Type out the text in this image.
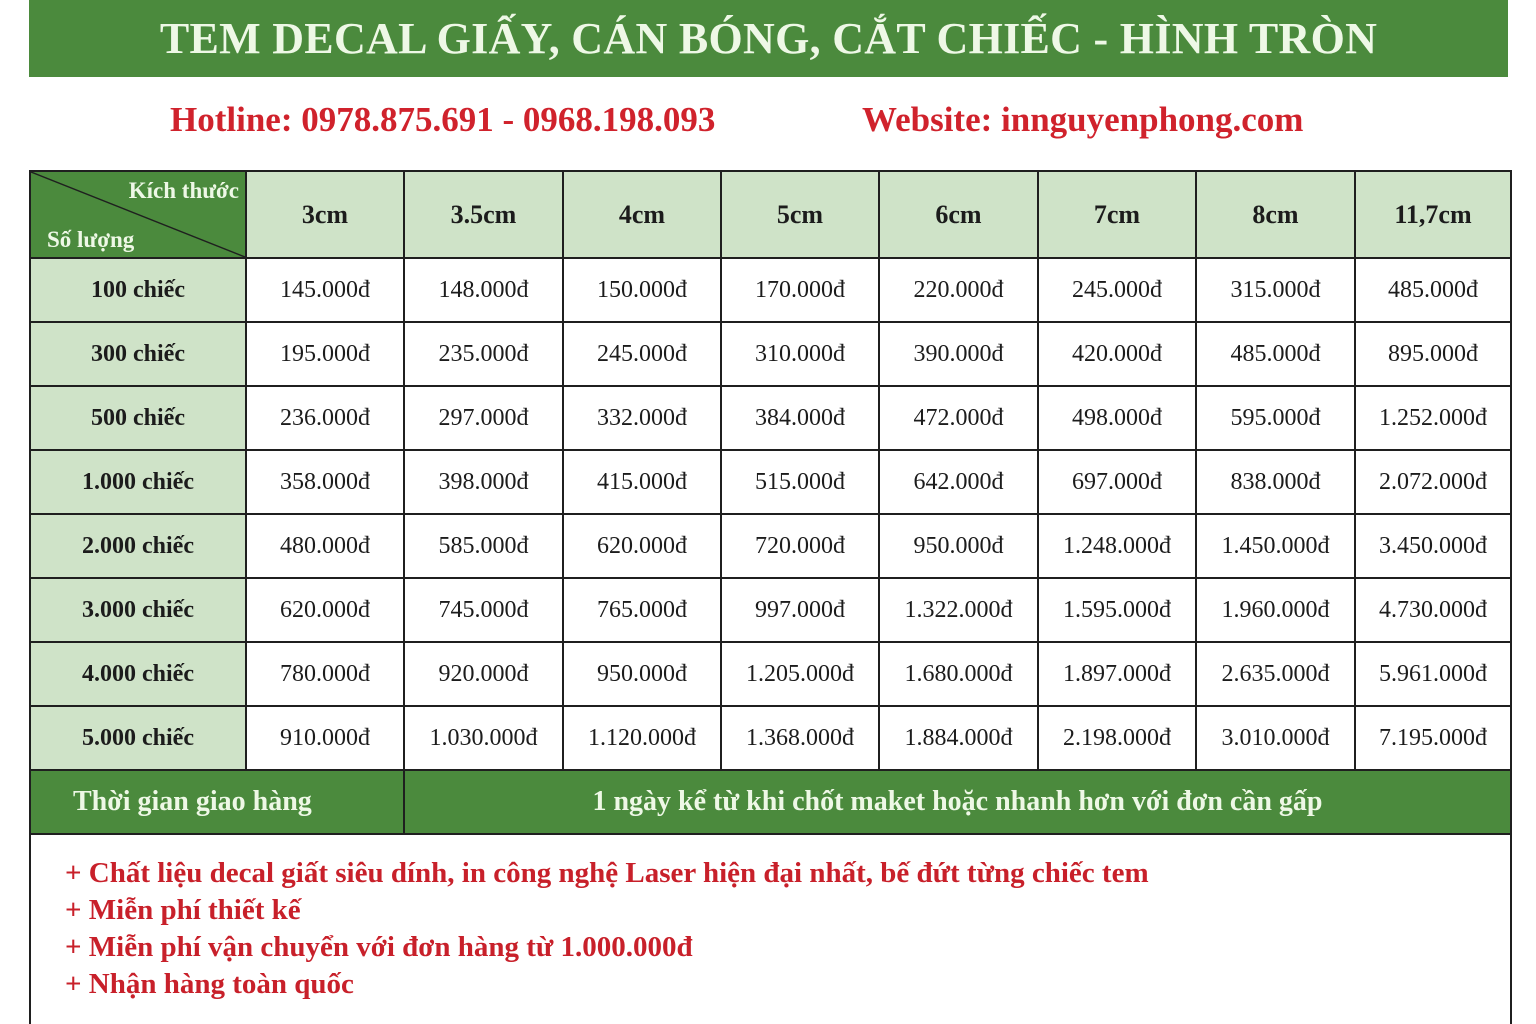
TEM DECAL GIẤY, CÁN BÓNG, CẮT CHIẾC - HÌNH TRÒN
Hotline: 0978.875.691 - 0968.198.093	Website: innguyenphong.com
Kích thước
Số lượng	3cm	3.5cm	4cm	5cm	6cm	7cm	8cm	11,7cm
100 chiếc	145.000đ	148.000đ	150.000đ	170.000đ	220.000đ	245.000đ	315.000đ	485.000đ
300 chiếc	195.000đ	235.000đ	245.000đ	310.000đ	390.000đ	420.000đ	485.000đ	895.000đ
500 chiếc	236.000đ	297.000đ	332.000đ	384.000đ	472.000đ	498.000đ	595.000đ	1.252.000đ
1.000 chiếc	358.000đ	398.000đ	415.000đ	515.000đ	642.000đ	697.000đ	838.000đ	2.072.000đ
2.000 chiếc	480.000đ	585.000đ	620.000đ	720.000đ	950.000đ	1.248.000đ	1.450.000đ	3.450.000đ
3.000 chiếc	620.000đ	745.000đ	765.000đ	997.000đ	1.322.000đ	1.595.000đ	1.960.000đ	4.730.000đ
4.000 chiếc	780.000đ	920.000đ	950.000đ	1.205.000đ	1.680.000đ	1.897.000đ	2.635.000đ	5.961.000đ
5.000 chiếc	910.000đ	1.030.000đ	1.120.000đ	1.368.000đ	1.884.000đ	2.198.000đ	3.010.000đ	7.195.000đ
Thời gian giao hàng		1 ngày kể từ khi chốt maket hoặc nhanh hơn với đơn cần gấp						

+ Chất liệu decal giất siêu dính, in công nghệ Laser hiện đại nhất, bế đứt từng chiếc tem
+ Miễn phí thiết kế
+ Miễn phí vận chuyển với đơn hàng từ 1.000.000đ
+ Nhận hàng toàn quốc								
